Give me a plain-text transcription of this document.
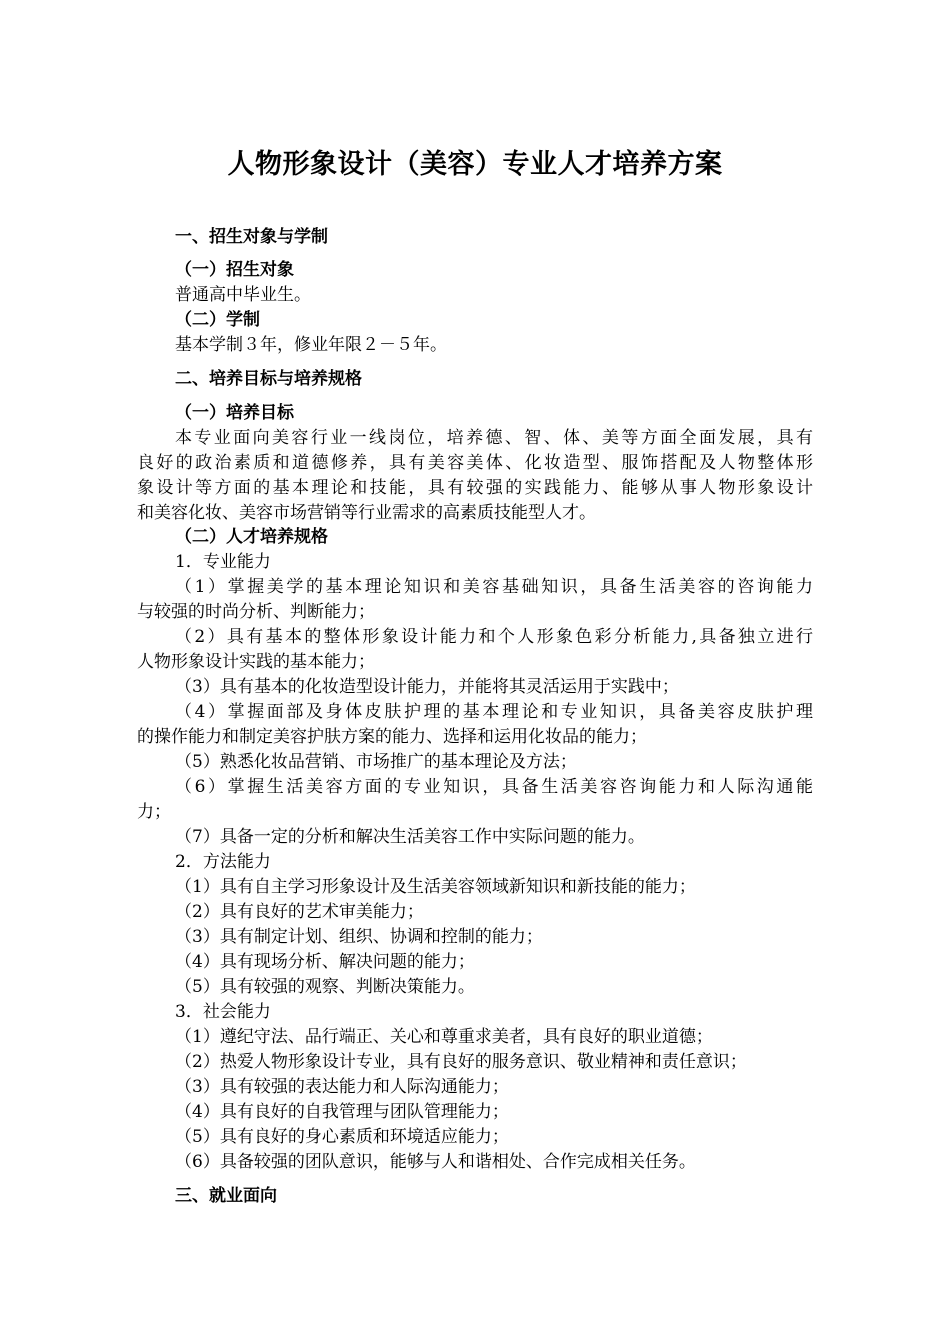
人物形象设计（美容）专业人才培养方案
一、招生对象与学制
（一）招生对象
普通高中毕业生。
（二）学制
基本学制３年，修业年限２－５年。
二、培养目标与培养规格
（一）培养目标
本专业面向美容行业一线岗位，培养德、智、体、美等方面全面发展，具有
良好的政治素质和道德修养，具有美容美体、化妆造型、服饰搭配及人物整体形
象设计等方面的基本理论和技能，具有较强的实践能力、能够从事人物形象设计
和美容化妆、美容市场营销等行业需求的高素质技能型人才。
（二）人才培养规格
1．专业能力
（1）掌握美学的基本理论知识和美容基础知识，具备生活美容的咨询能力
与较强的时尚分析、判断能力；
（2）具有基本的整体形象设计能力和个人形象色彩分析能力,具备独立进行
人物形象设计实践的基本能力；
（3）具有基本的化妆造型设计能力，并能将其灵活运用于实践中；
（4）掌握面部及身体皮肤护理的基本理论和专业知识，具备美容皮肤护理
的操作能力和制定美容护肤方案的能力、选择和运用化妆品的能力；
（5）熟悉化妆品营销、市场推广的基本理论及方法；
（6）掌握生活美容方面的专业知识，具备生活美容咨询能力和人际沟通能
力；
（7）具备一定的分析和解决生活美容工作中实际问题的能力。
2．方法能力
（1）具有自主学习形象设计及生活美容领域新知识和新技能的能力；
（2）具有良好的艺术审美能力；
（3）具有制定计划、组织、协调和控制的能力；
（4）具有现场分析、解决问题的能力；
（5）具有较强的观察、判断决策能力。
3．社会能力
（1）遵纪守法、品行端正、关心和尊重求美者，具有良好的职业道德；
（2）热爱人物形象设计专业，具有良好的服务意识、敬业精神和责任意识；
（3）具有较强的表达能力和人际沟通能力；
（4）具有良好的自我管理与团队管理能力；
（5）具有良好的身心素质和环境适应能力；
（6）具备较强的团队意识，能够与人和谐相处、合作完成相关任务。
三、就业面向
